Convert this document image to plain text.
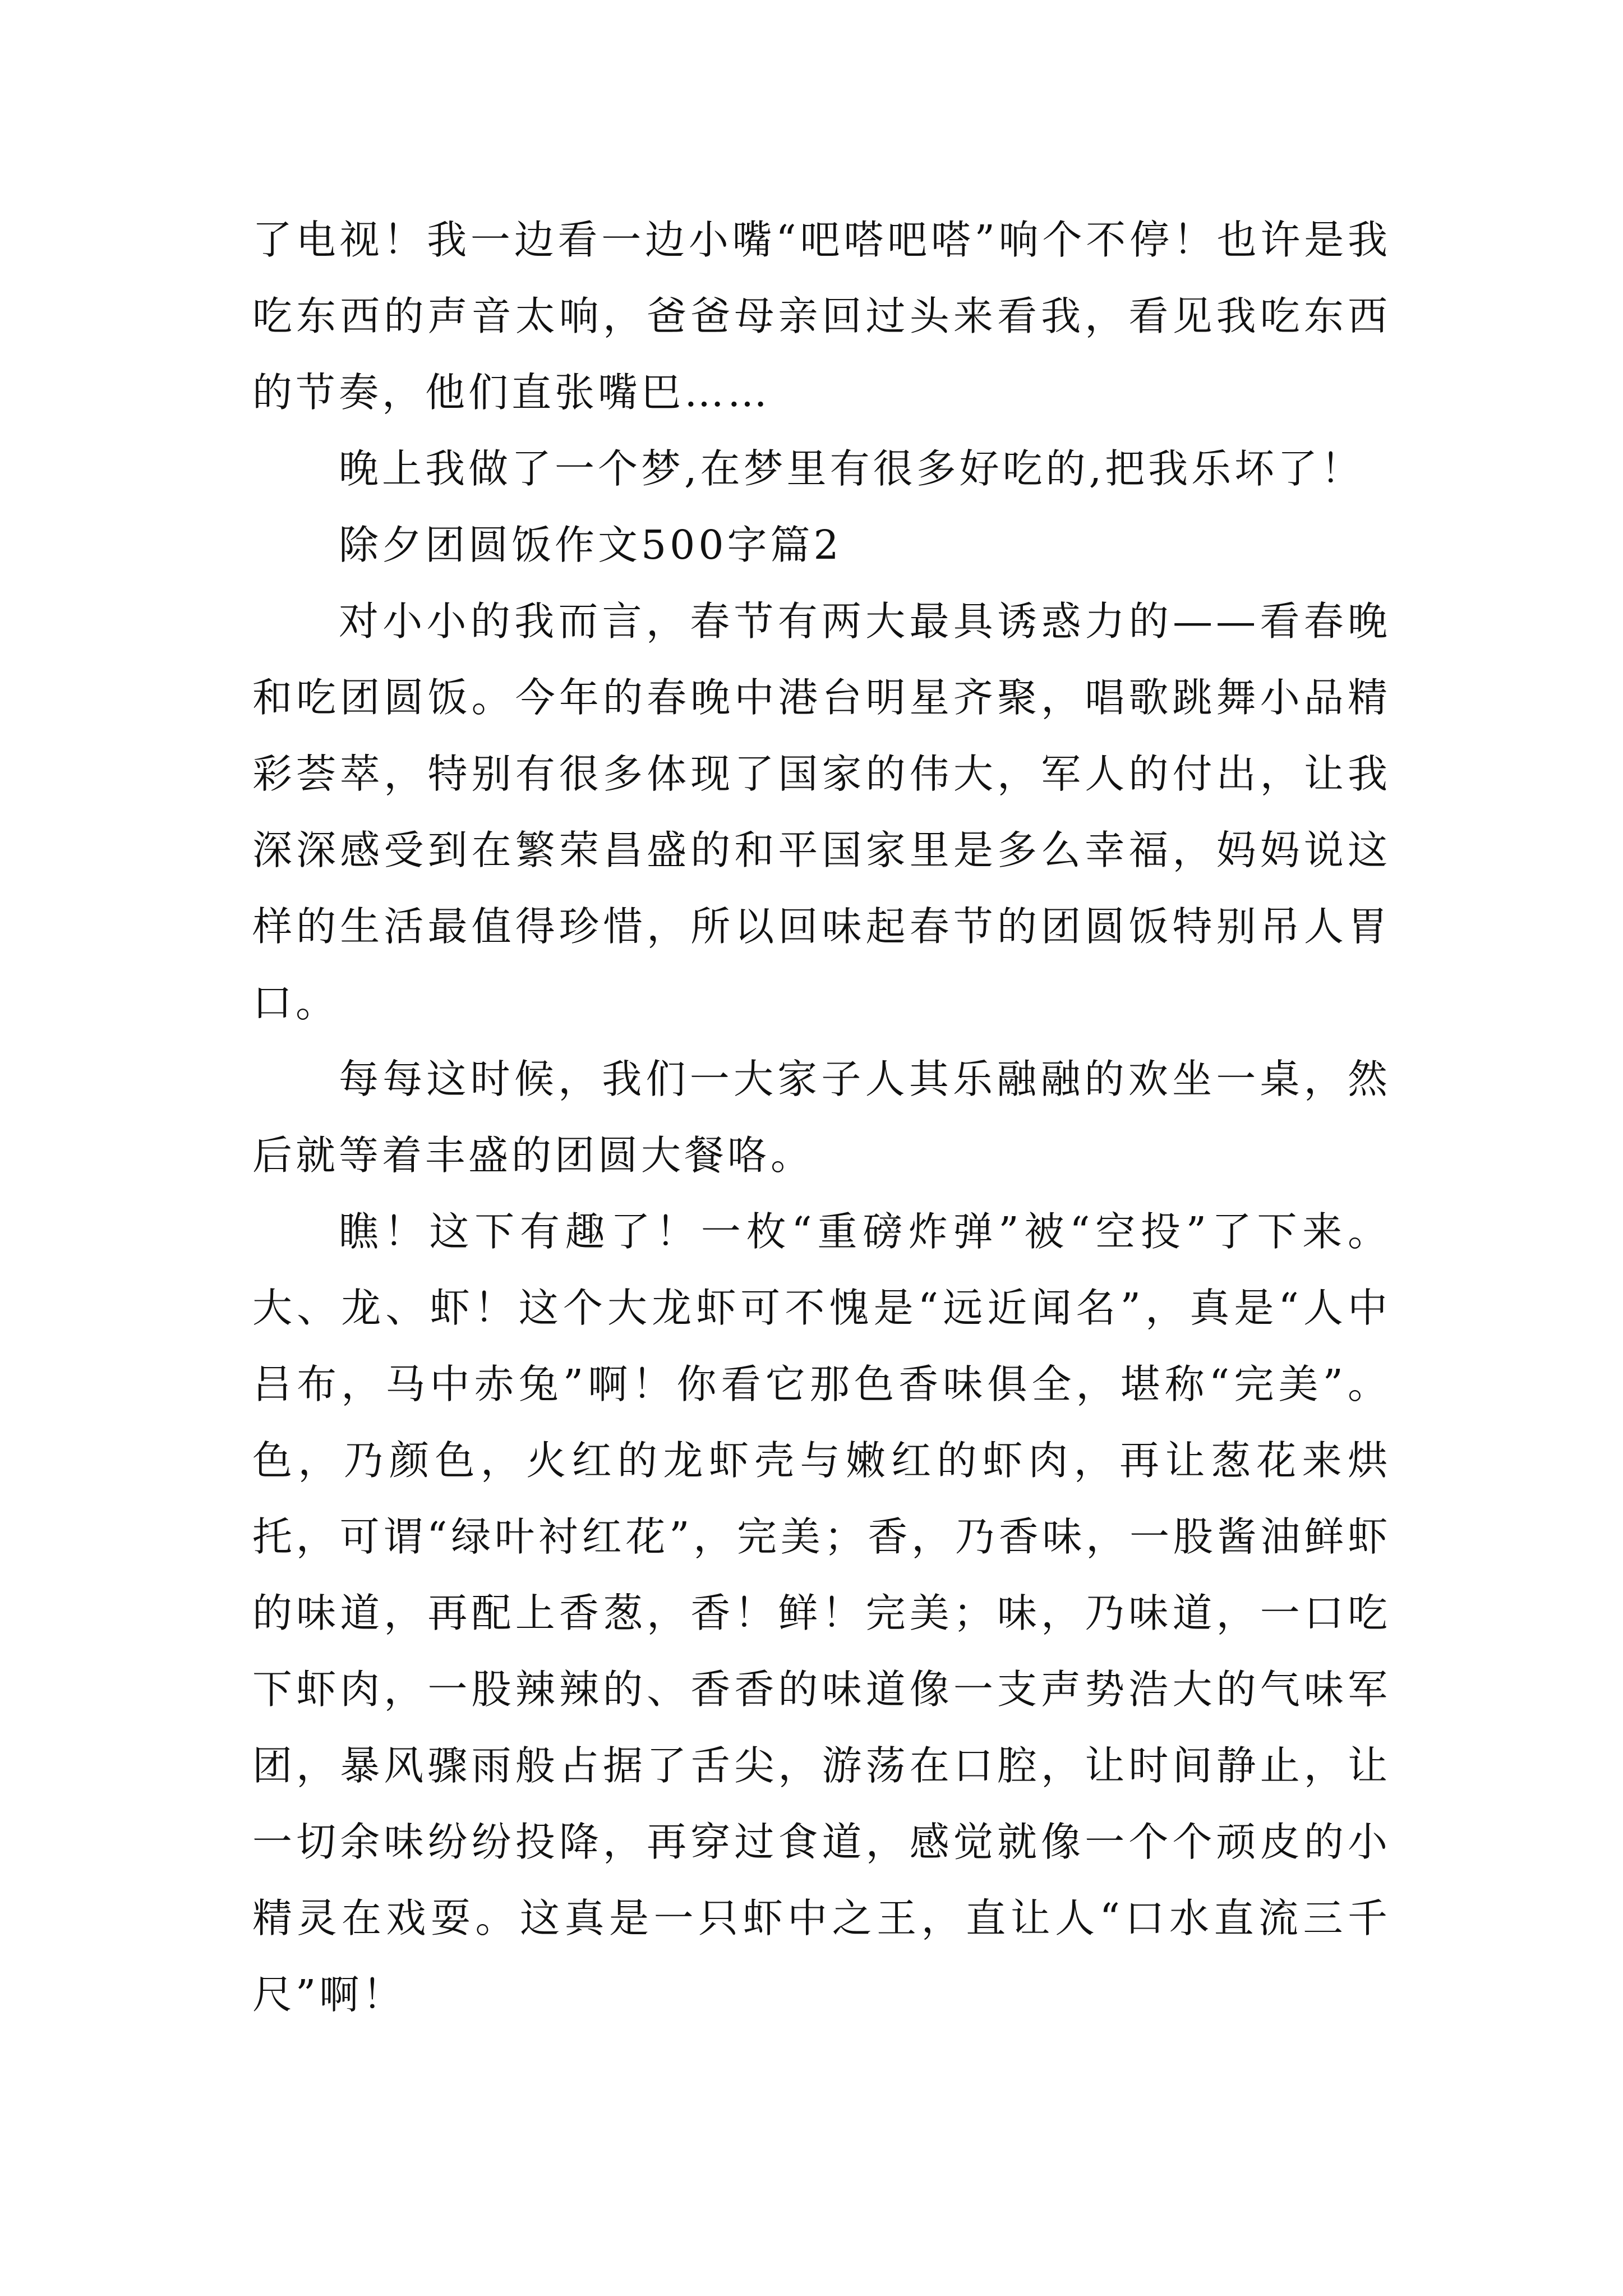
了电视！我一边看一边小嘴“吧嗒吧嗒”响个不停！也许是我吃东西的声音太响，爸爸母亲回过头来看我，看见我吃东西的节奏，他们直张嘴巴……

晚上我做了一个梦,在梦里有很多好吃的,把我乐坏了！

除夕团圆饭作文500字篇2

对小小的我而言，春节有两大最具诱惑力的——看春晚和吃团圆饭。今年的春晚中港台明星齐聚，唱歌跳舞小品精彩荟萃，特别有很多体现了国家的伟大，军人的付出，让我深深感受到在繁荣昌盛的和平国家里是多么幸福，妈妈说这样的生活最值得珍惜，所以回味起春节的团圆饭特别吊人胃口。

每每这时候，我们一大家子人其乐融融的欢坐一桌，然后就等着丰盛的团圆大餐咯。

瞧！这下有趣了！一枚“重磅炸弹”被“空投”了下来。大、龙、虾！这个大龙虾可不愧是“远近闻名”，真是“人中吕布，马中赤兔”啊！你看它那色香味俱全，堪称“完美”。色，乃颜色，火红的龙虾壳与嫩红的虾肉，再让葱花来烘托，可谓“绿叶衬红花”，完美；香，乃香味，一股酱油鲜虾的味道，再配上香葱，香！鲜！完美；味，乃味道，一口吃下虾肉，一股辣辣的、香香的味道像一支声势浩大的气味军团，暴风骤雨般占据了舌尖，游荡在口腔，让时间静止，让一切余味纷纷投降，再穿过食道，感觉就像一个个顽皮的小精灵在戏耍。这真是一只虾中之王，直让人“口水直流三千尺”啊！
